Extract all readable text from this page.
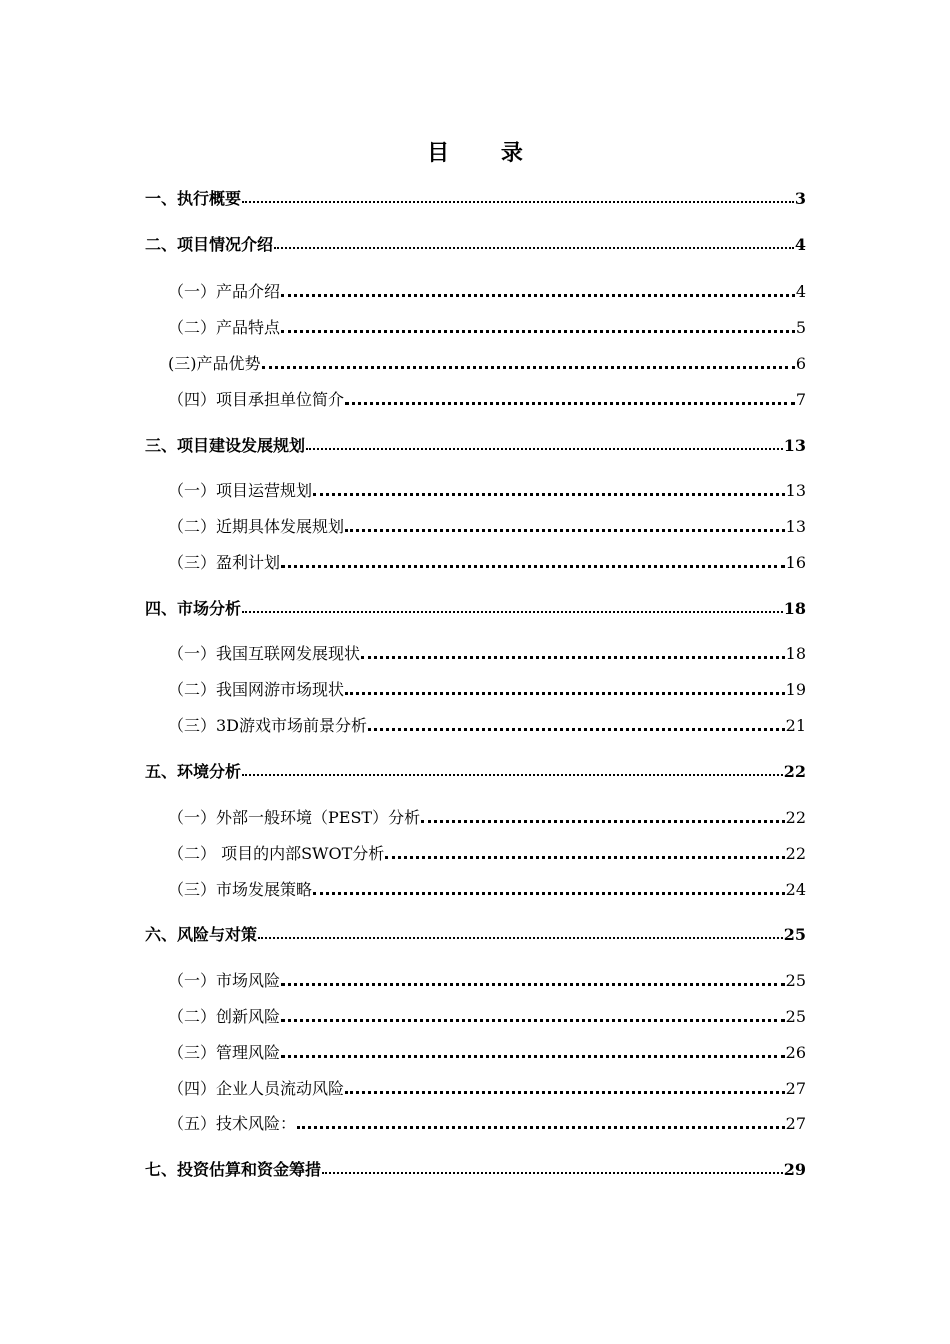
目 录
一、执行概要	3
二、项目情况介绍	4
（一）产品介绍	4
（二）产品特点	5
(三)产品优势	6
（四）项目承担单位简介	7
三、项目建设发展规划	13
（一）项目运营规划	13
（二）近期具体发展规划	13
（三）盈利计划	16
四、市场分析	18
（一）我国互联网发展现状	18
（二）我国网游市场现状	19
（三）3D游戏市场前景分析	21
五、环境分析	22
（一）外部一般环境（PEST）分析	22
（二） 项目的内部SWOT分析	22
（三）市场发展策略	24
六、风险与对策	25
（一）市场风险	25
（二）创新风险	25
（三）管理风险	26
（四）企业人员流动风险	27
（五）技术风险：	27
七、投资估算和资金筹措	29
